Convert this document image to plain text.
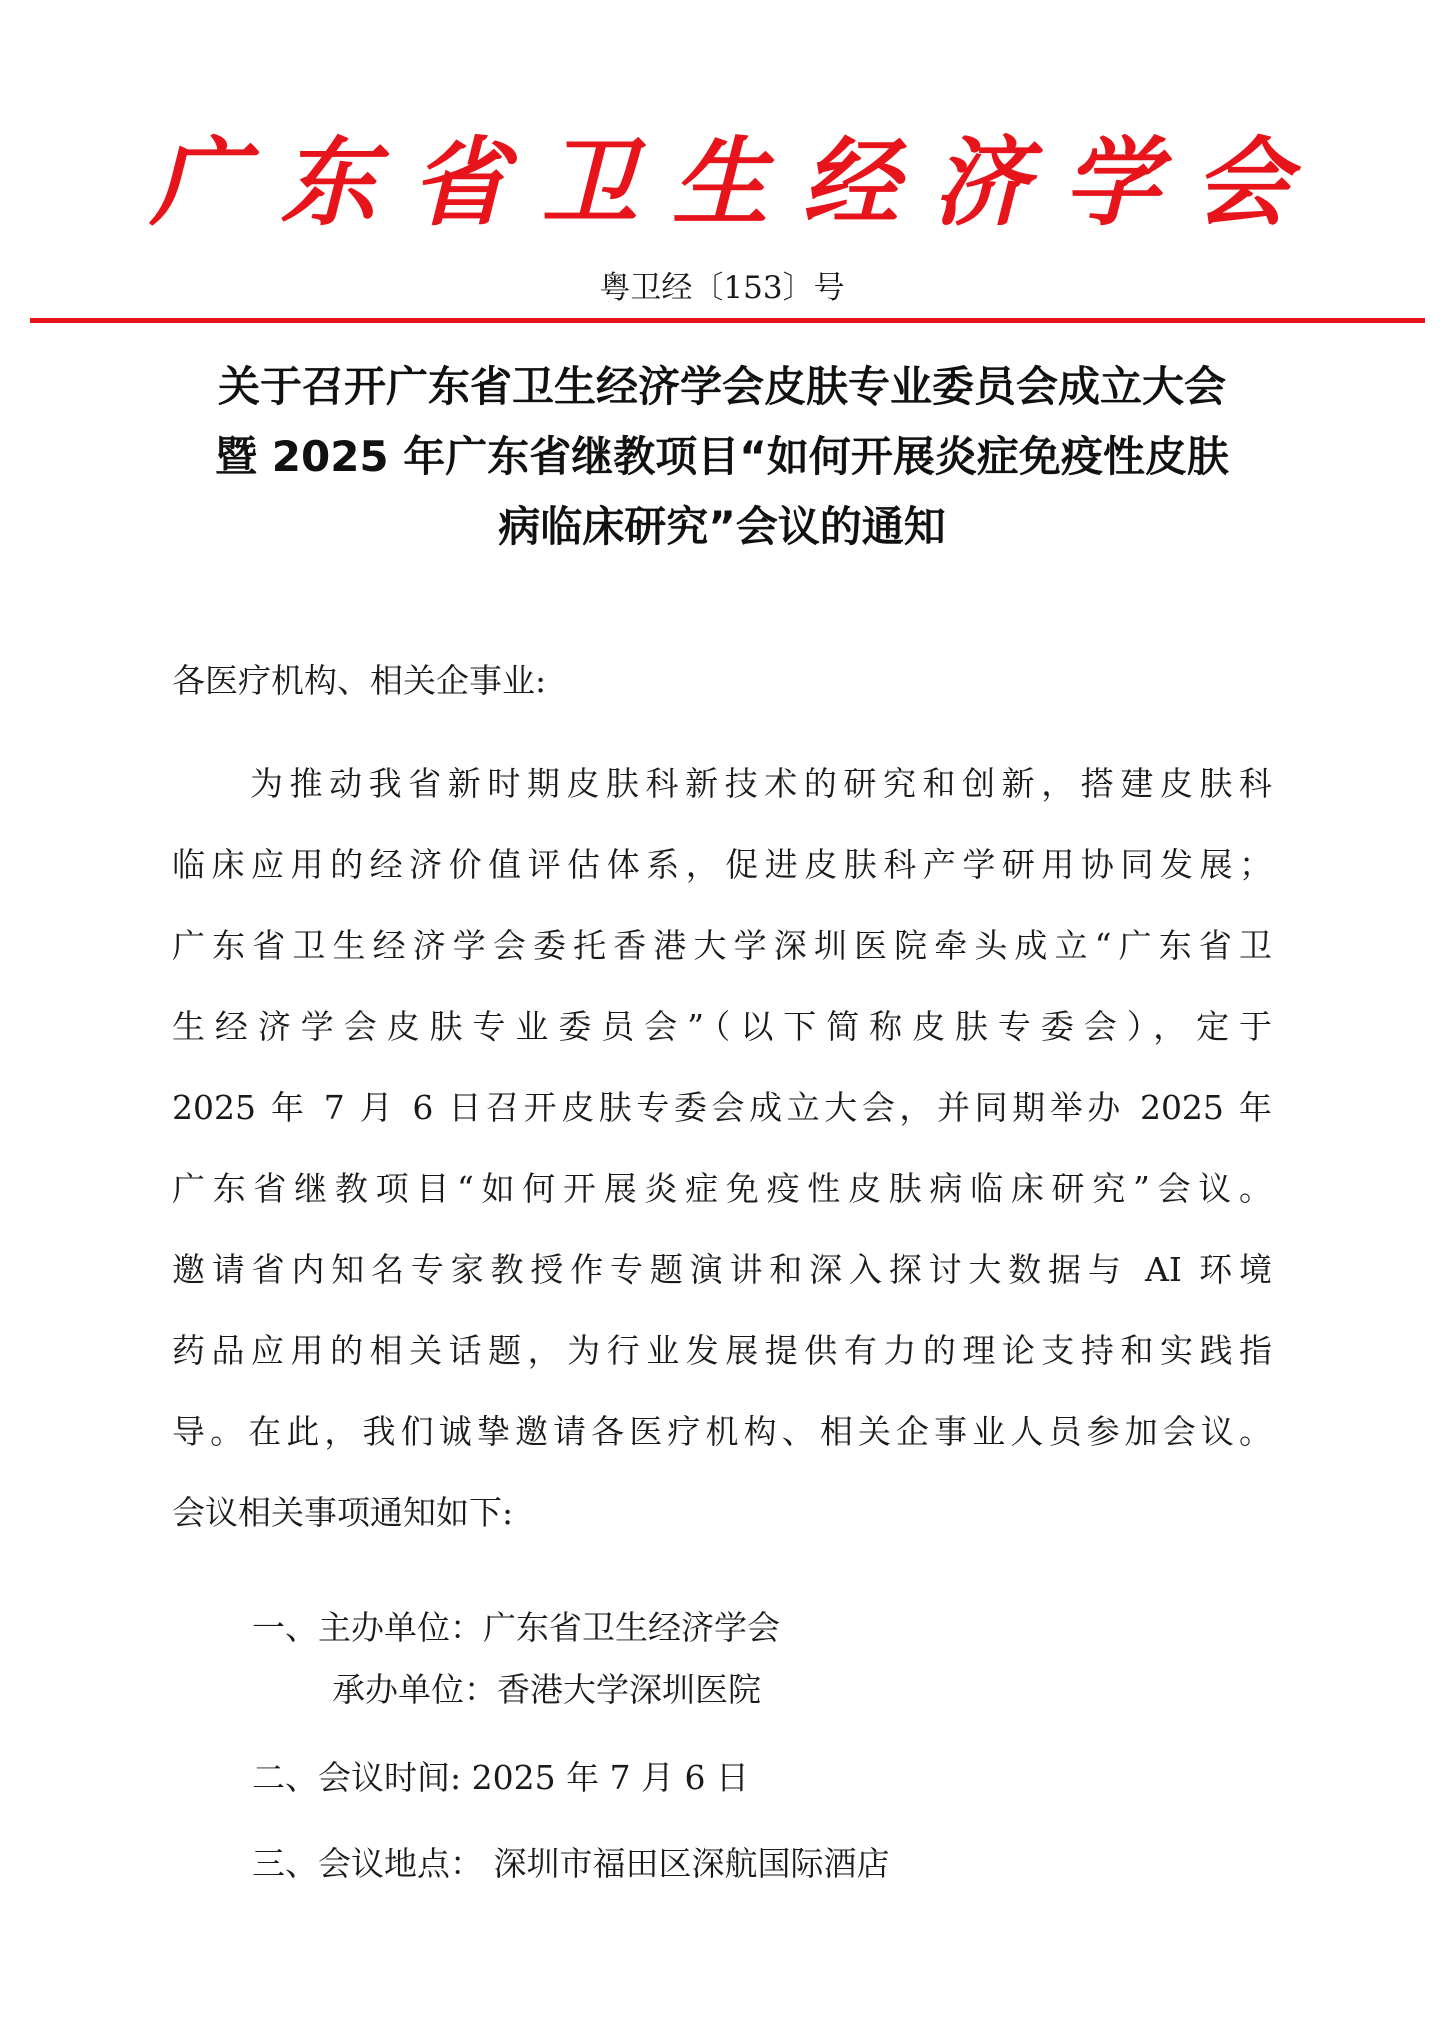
广 东 省 卫 生 经 济 学 会
粤卫经〔153〕号
关于召开广东省卫生经济学会皮肤专业委员会成立大会
暨 2025 年广东省继教项目“如何开展炎症免疫性皮肤
病临床研究”会议的通知
各医疗机构、相关企事业:
为推动我省新时期皮肤科新技术的研究和创新，搭建皮肤科
临床应用的经济价值评估体系，促进皮肤科产学研用协同发展；
广东省卫生经济学会委托香港大学深圳医院牵头成立“广东省卫
生经济学会皮肤专业委员会”（以下简称皮肤专委会），定于
2025 年 7 月 6 日召开皮肤专委会成立大会，并同期举办 2025 年
广东省继教项目“如何开展炎症免疫性皮肤病临床研究”会议。
邀请省内知名专家教授作专题演讲和深入探讨大数据与 AI 环境
药品应用的相关话题，为行业发展提供有力的理论支持和实践指
导。在此，我们诚挚邀请各医疗机构、相关企事业人员参加会议。
会议相关事项通知如下:
一、主办单位：广东省卫生经济学会
承办单位：香港大学深圳医院
二、会议时间: 2025 年 7 月 6 日
三、会议地点： 深圳市福田区深航国际酒店
